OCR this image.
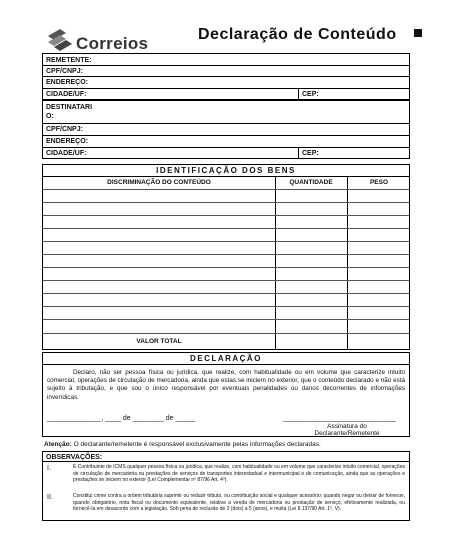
Correios	Declaração de Conteúdo
REMETENTE:
CPF/CNPJ:
ENDEREÇO:
CIDADE/UF:	CEP:
DESTINATARI
O:
CPF/CNPJ:
ENDEREÇO:
CIDADE/UF:	CEP:
IDENTIFICAÇÃO DOS BENS
DISCRIMINAÇÃO DO CONTEÚDO	QUANTIDADE	PESO
VALOR TOTAL
DECLARAÇÃO
Declaro, não ser pessoa física ou jurídica, que realize, com habitualidade ou em volume que caracterize intuito comercial, operações de circulação de mercadoria, ainda que estas se iniciem no exterior, que o conteúdo declarado e não está sujeito à tributação, e que sou o único responsável por eventuais penalidades ou danos decorrentes de informações inverídicas.
______________, ____ de ________ de _____	_____________________________
Assinatura do
Declarante/Remetente
Atenção: O declarante/remetente é responsável exclusivamente pelas informações declaradas.
OBSERVAÇÕES:
I.	É Contribuinte de ICMS qualquer pessoa física ou jurídica, que realize, com habitualidade ou em volume que caracterize intuito comercial, operações de circulação de mercadoria ou prestações de serviços de transportes interestadual e intermunicipal e de comunicação, ainda que as operações e prestações se iniciem no exterior (Lei Complementar nº 87/96 Art. 4º).
II.	Constitui crime contra a ordem tributária suprimir ou reduzir tributo, ou contribuição social e qualquer acessório: quando negar ou deixar de fornecer, quando obrigatório, nota fiscal ou documento equivalente, relativa a venda de mercadoria ou prestação de serviço, efetivamente realizada, ou fornecê-la em desacordo com a legislação. Sob pena de reclusão de 2 (dois) a 5 (anos), e multa (Lei 8.137/90 Art. 1º, V).
